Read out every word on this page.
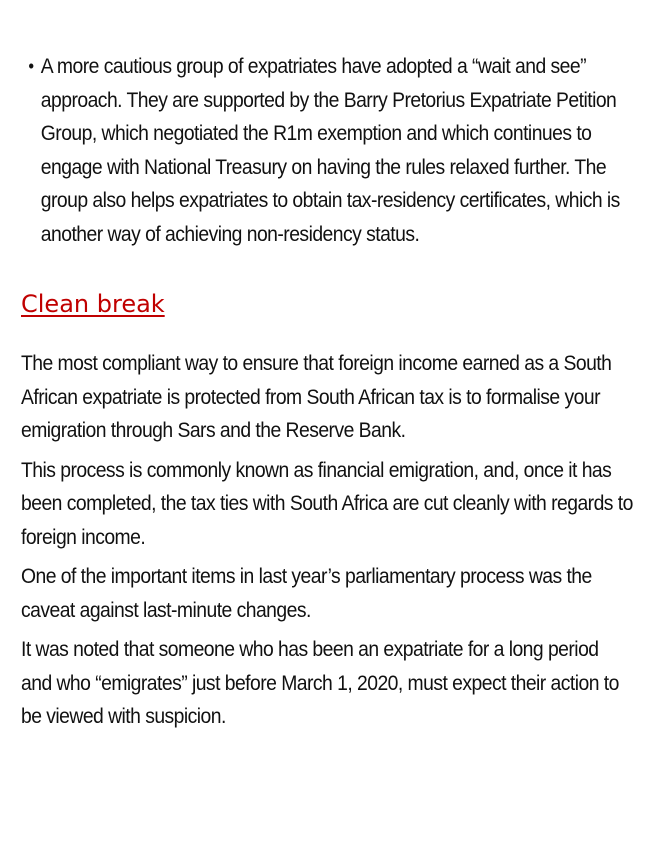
• A more cautious group of expatriates have adopted a “wait and see” approach. They are supported by the Barry Pretorius Expatriate Petition Group, which negotiated the R1m exemption and which continues to engage with National Treasury on having the rules relaxed further. The group also helps expatriates to obtain tax-residency certificates, which is another way of achieving non-residency status.

Clean break

The most compliant way to ensure that foreign income earned as a South African expatriate is protected from South African tax is to formalise your emigration through Sars and the Reserve Bank.

This process is commonly known as financial emigration, and, once it has been completed, the tax ties with South Africa are cut cleanly with regards to foreign income.

One of the important items in last year’s parliamentary process was the caveat against last-minute changes.

It was noted that someone who has been an expatriate for a long period and who “emigrates” just before March 1, 2020, must expect their action to be viewed with suspicion.
